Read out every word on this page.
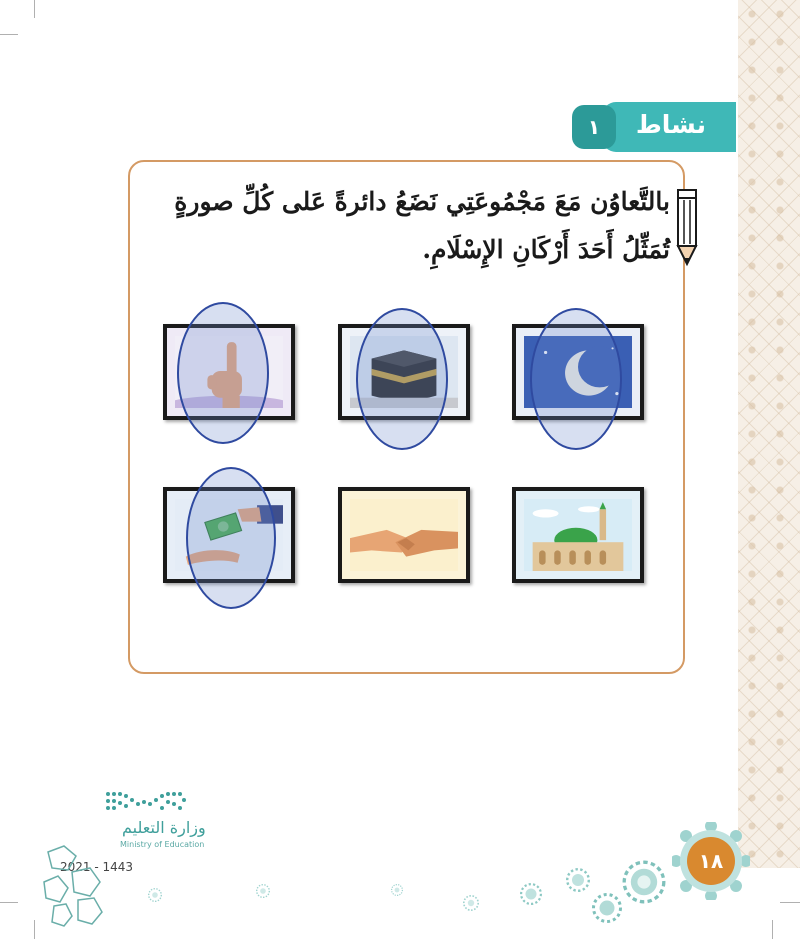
نشاط
١
بالتَّعاوُن مَعَ مَجْمُوعَتِي نَضَعُ دائرةً عَلى كُلِّ صورةٍ تُمَثِّلُ أَحَدَ أَرْكَانِ الإِسْلَامِ.
وزارة التعليم
Ministry of Education
2021 - 1443	١٨
